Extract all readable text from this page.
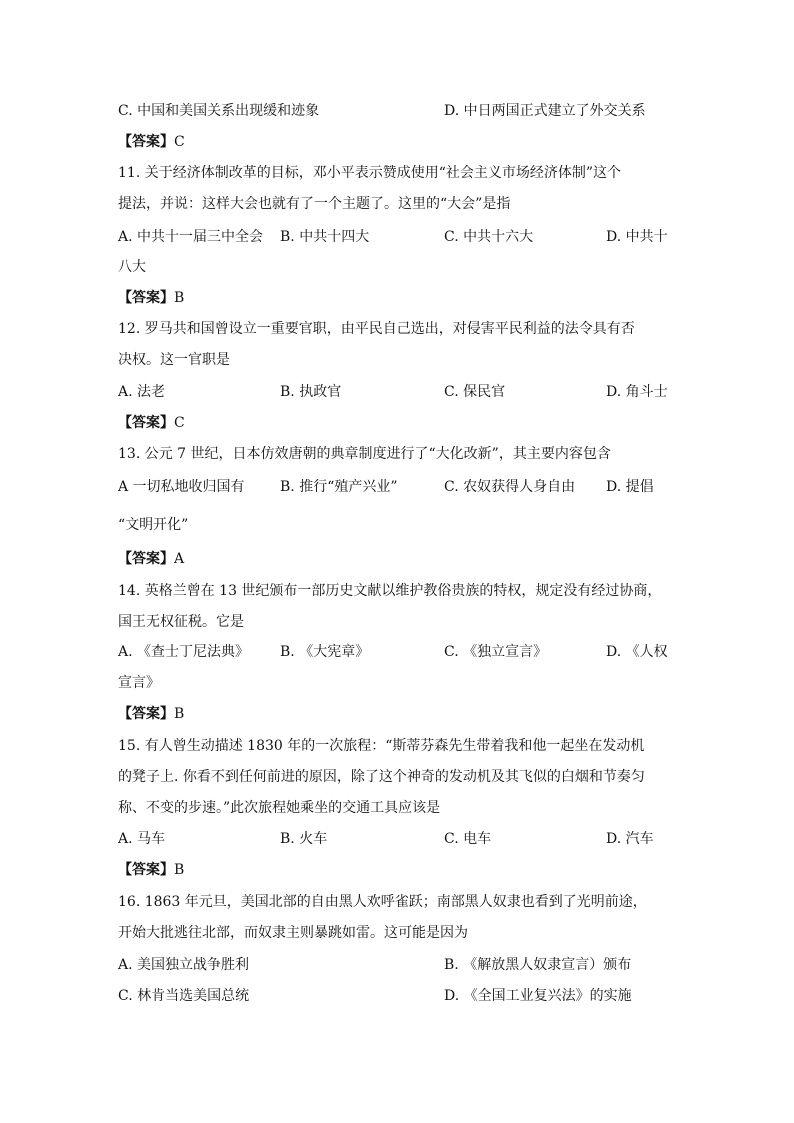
C. 中国和美国关系出现缓和迹象	D. 中日两国正式建立了外交关系
【答案】C
11. 关于经济体制改革的目标，邓小平表示赞成使用“社会主义市场经济体制”这个
提法，并说：这样大会也就有了一个主题了。这里的“大会”是指
A. 中共十一届三中全会 B. 中共十四大	C. 中共十六大	D. 中共十
八大
【答案】B
12. 罗马共和国曾设立一重要官职，由平民自己选出，对侵害平民利益的法令具有否
决权。这一官职是
A. 法老	B. 执政官	C. 保民官	D. 角斗士
【答案】C
13. 公元 7 世纪，日本仿效唐朝的典章制度进行了“大化改新”，其主要内容包含
A 一切私地收归国有	B. 推行“殖产兴业”	C. 农奴获得人身自由 D. 提倡
“文明开化”
【答案】A
14. 英格兰曾在 13 世纪颁布一部历史文献以维护教俗贵族的特权，规定没有经过协商，
国王无权征税。它是
A. 《查士丁尼法典》 B. 《大宪章》	C. 《独立宣言》	D. 《人权
宣言》
【答案】B
15. 有人曾生动描述 1830 年的一次旅程：“斯蒂芬森先生带着我和他一起坐在发动机
的凳子上. 你看不到任何前进的原因，除了这个神奇的发动机及其飞似的白烟和节奏匀
称、不变的步速。”此次旅程她乘坐的交通工具应该是
A. 马车	B. 火车	C. 电车	D. 汽车
【答案】B
16. 1863 年元旦，美国北部的自由黑人欢呼雀跃；南部黑人奴隶也看到了光明前途，
开始大批逃往北部，而奴隶主则暴跳如雷。这可能是因为
A. 美国独立战争胜利	B. 《解放黑人奴隶宣言）颁布
C. 林肯当选美国总统	D. 《全国工业复兴法》的实施
